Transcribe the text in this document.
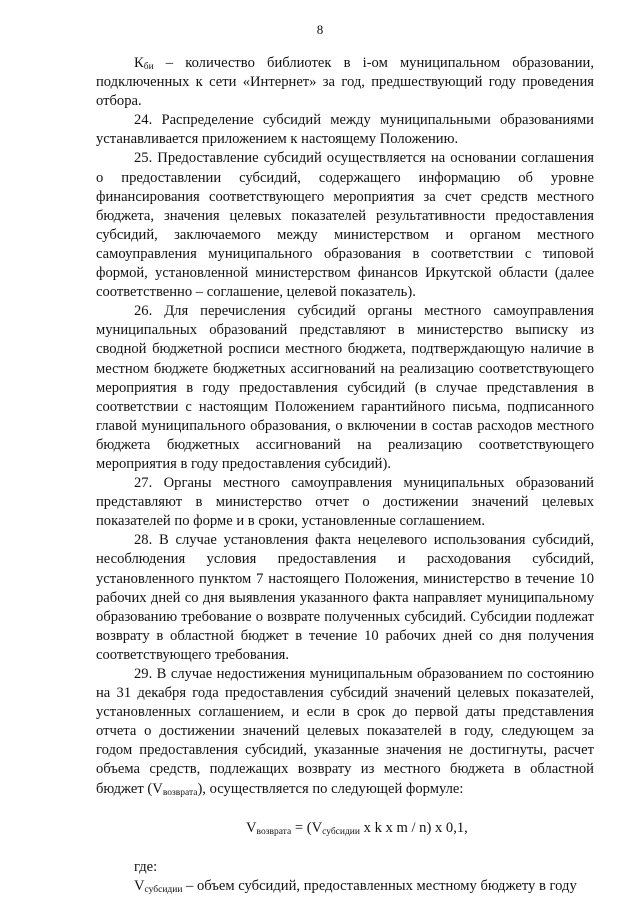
8

$К_{би}$ – количество библиотек в i-ом муниципальном образовании, подключенных к сети «Интернет» за год, предшествующий году проведения отбора.

24. Распределение субсидий между муниципальными образованиями устанавливается приложением к настоящему Положению.

25. Предоставление субсидий осуществляется на основании соглашения о предоставлении субсидий, содержащего информацию об уровне финансирования соответствующего мероприятия за счет средств местного бюджета, значения целевых показателей результативности предоставления субсидий, заключаемого между министерством и органом местного самоуправления муниципального образования в соответствии с типовой формой, установленной министерством финансов Иркутской области (далее соответственно – соглашение, целевой показатель).

26. Для перечисления субсидий органы местного самоуправления муниципальных образований представляют в министерство выписку из сводной бюджетной росписи местного бюджета, подтверждающую наличие в местном бюджете бюджетных ассигнований на реализацию соответствующего мероприятия в году предоставления субсидий (в случае представления в соответствии с настоящим Положением гарантийного письма, подписанного главой муниципального образования, о включении в состав расходов местного бюджета бюджетных ассигнований на реализацию соответствующего мероприятия в году предоставления субсидий).

27. Органы местного самоуправления муниципальных образований представляют в министерство отчет о достижении значений целевых показателей по форме и в сроки, установленные соглашением.

28. В случае установления факта нецелевого использования субсидий, несоблюдения условия предоставления и расходования субсидий, установленного пунктом 7 настоящего Положения, министерство в течение 10 рабочих дней со дня выявления указанного факта направляет муниципальному образованию требование о возврате полученных субсидий. Субсидии подлежат возврату в областной бюджет в течение 10 рабочих дней со дня получения соответствующего требования.

29. В случае недостижения муниципальным образованием по состоянию на 31 декабря года предоставления субсидий значений целевых показателей, установленных соглашением, и если в срок до первой даты представления отчета о достижении значений целевых показателей в году, следующем за годом предоставления субсидий, указанные значения не достигнуты, расчет объема средств, подлежащих возврату из местного бюджета в областной бюджет $(V_{возврата})$, осуществляется по следующей формуле:

$V_{возврата} = (V_{субсидии}$ x k x m / n) x 0,1,

где:

$V_{субсидии}$ – объем субсидий, предоставленных местному бюджету в году
